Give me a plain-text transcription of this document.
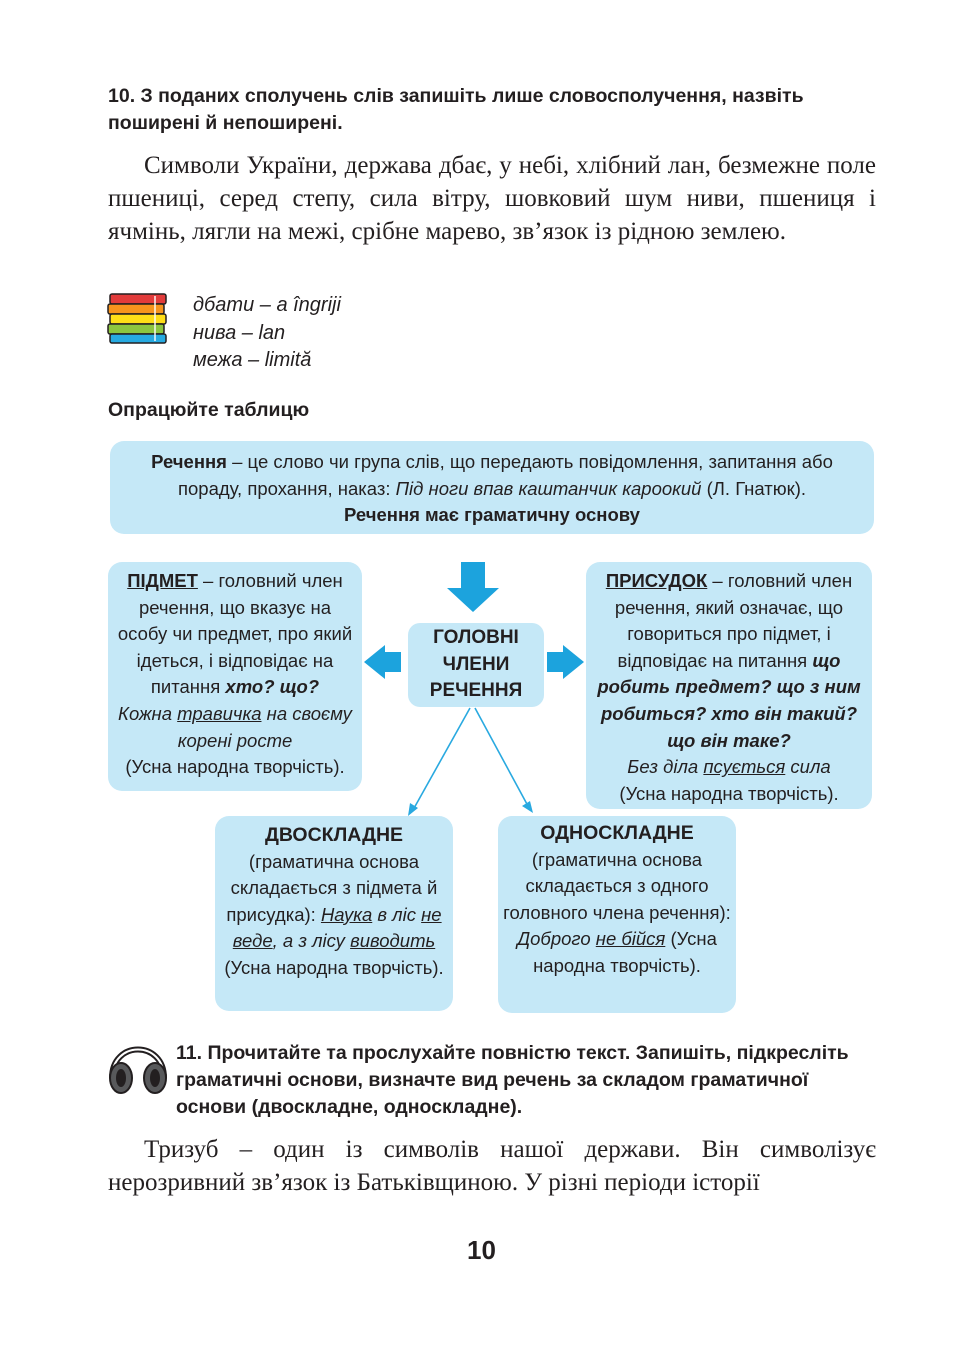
10. З поданих сполучень слів запишіть лише словосполучення, назвіть поширені й непоширені.

Символи України, держава дбає, у небі, хлібний лан, безмежне поле пшениці, серед степу, сила вітру, шовковий шум ниви, пшениця і ячмінь, лягли на межі, срібне марево, зв’язок із рідною землею.

дбати – a îngriji
нива – lan
межа – limită
Опрацюйте таблицю
Речення – це слово чи група слів, що передають повідомлення, запитання або пораду, прохання, наказ: Під ноги впав каштанчик кароокий (Л. Гнатюк).
Речення має граматичну основу
ГОЛОВНІ
ЧЛЕНИ
РЕЧЕННЯ
ПІДМЕТ – головний член речення, що вказує на особу чи предмет, про який ідеться, і відповідає на питання хто? що?
Кожна травичка на своєму корені росте
(Усна народна творчість).
ПРИСУДОК – головний член речення, який означає, що говориться про підмет, і відповідає на питання що робить предмет? що з ним робиться? хто він такий? що він таке?
Без діла псується сила
(Усна народна творчість).
ДВОСКЛАДНЕ
(граматична основа складається з підмета й присудка): Наука в ліс не веде, а з лісу виводить (Усна народна творчість).
ОДНОСКЛАДНЕ
(граматична основа складається з одного головного члена речення): Доброго не бійся (Усна народна творчість).
11. Прочитайте та прослухайте повністю текст. Запишіть, підкресліть граматичні основи, визначте вид речень за складом граматичної основи (двоскладне, односкладне).

Тризуб – один із символів нашої держави. Він символізує нерозривний зв’язок із Батьківщиною. У різні періоди історії

10
